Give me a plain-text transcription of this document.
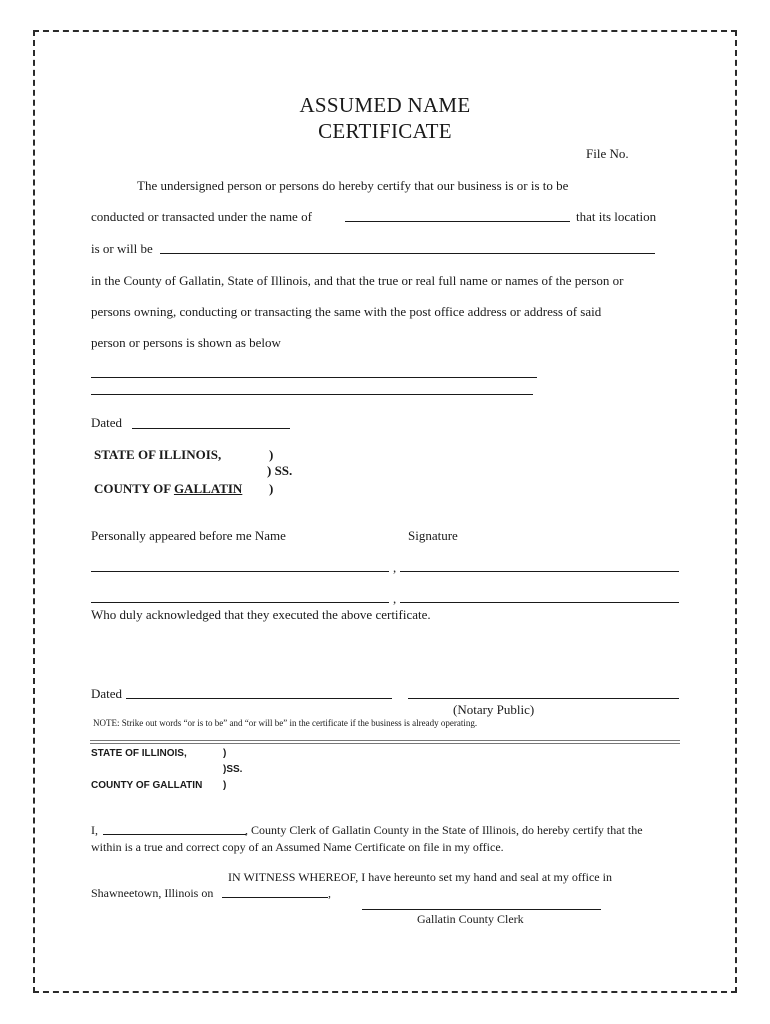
ASSUMED NAME
CERTIFICATE
File No.
The undersigned person or persons do hereby certify that our business is or is to be
conducted or transacted under the name of	that its location
is or will be
in the County of Gallatin, State of Illinois, and that the true or real full name or names of the person or
persons owning, conducting or transacting the same with the post office address or address of said
person or persons is shown as below
Dated
STATE OF ILLINOIS,	)
) SS.
COUNTY OF GALLATIN )
Personally appeared before me Name	Signature
,
,
Who duly acknowledged that they executed the above certificate.
Dated
(Notary Public)
NOTE: Strike out words “or is to be” and “or will be” in the certificate if the business is already operating.
STATE OF ILLINOIS,	)
)SS.
COUNTY OF GALLATIN )
I,	, County Clerk of Gallatin County in the State of Illinois, do hereby certify that the
within is a true and correct copy of an Assumed Name Certificate on file in my office.
IN WITNESS WHEREOF, I have hereunto set my hand and seal at my office in
Shawneetown, Illinois on	,
Gallatin County Clerk
